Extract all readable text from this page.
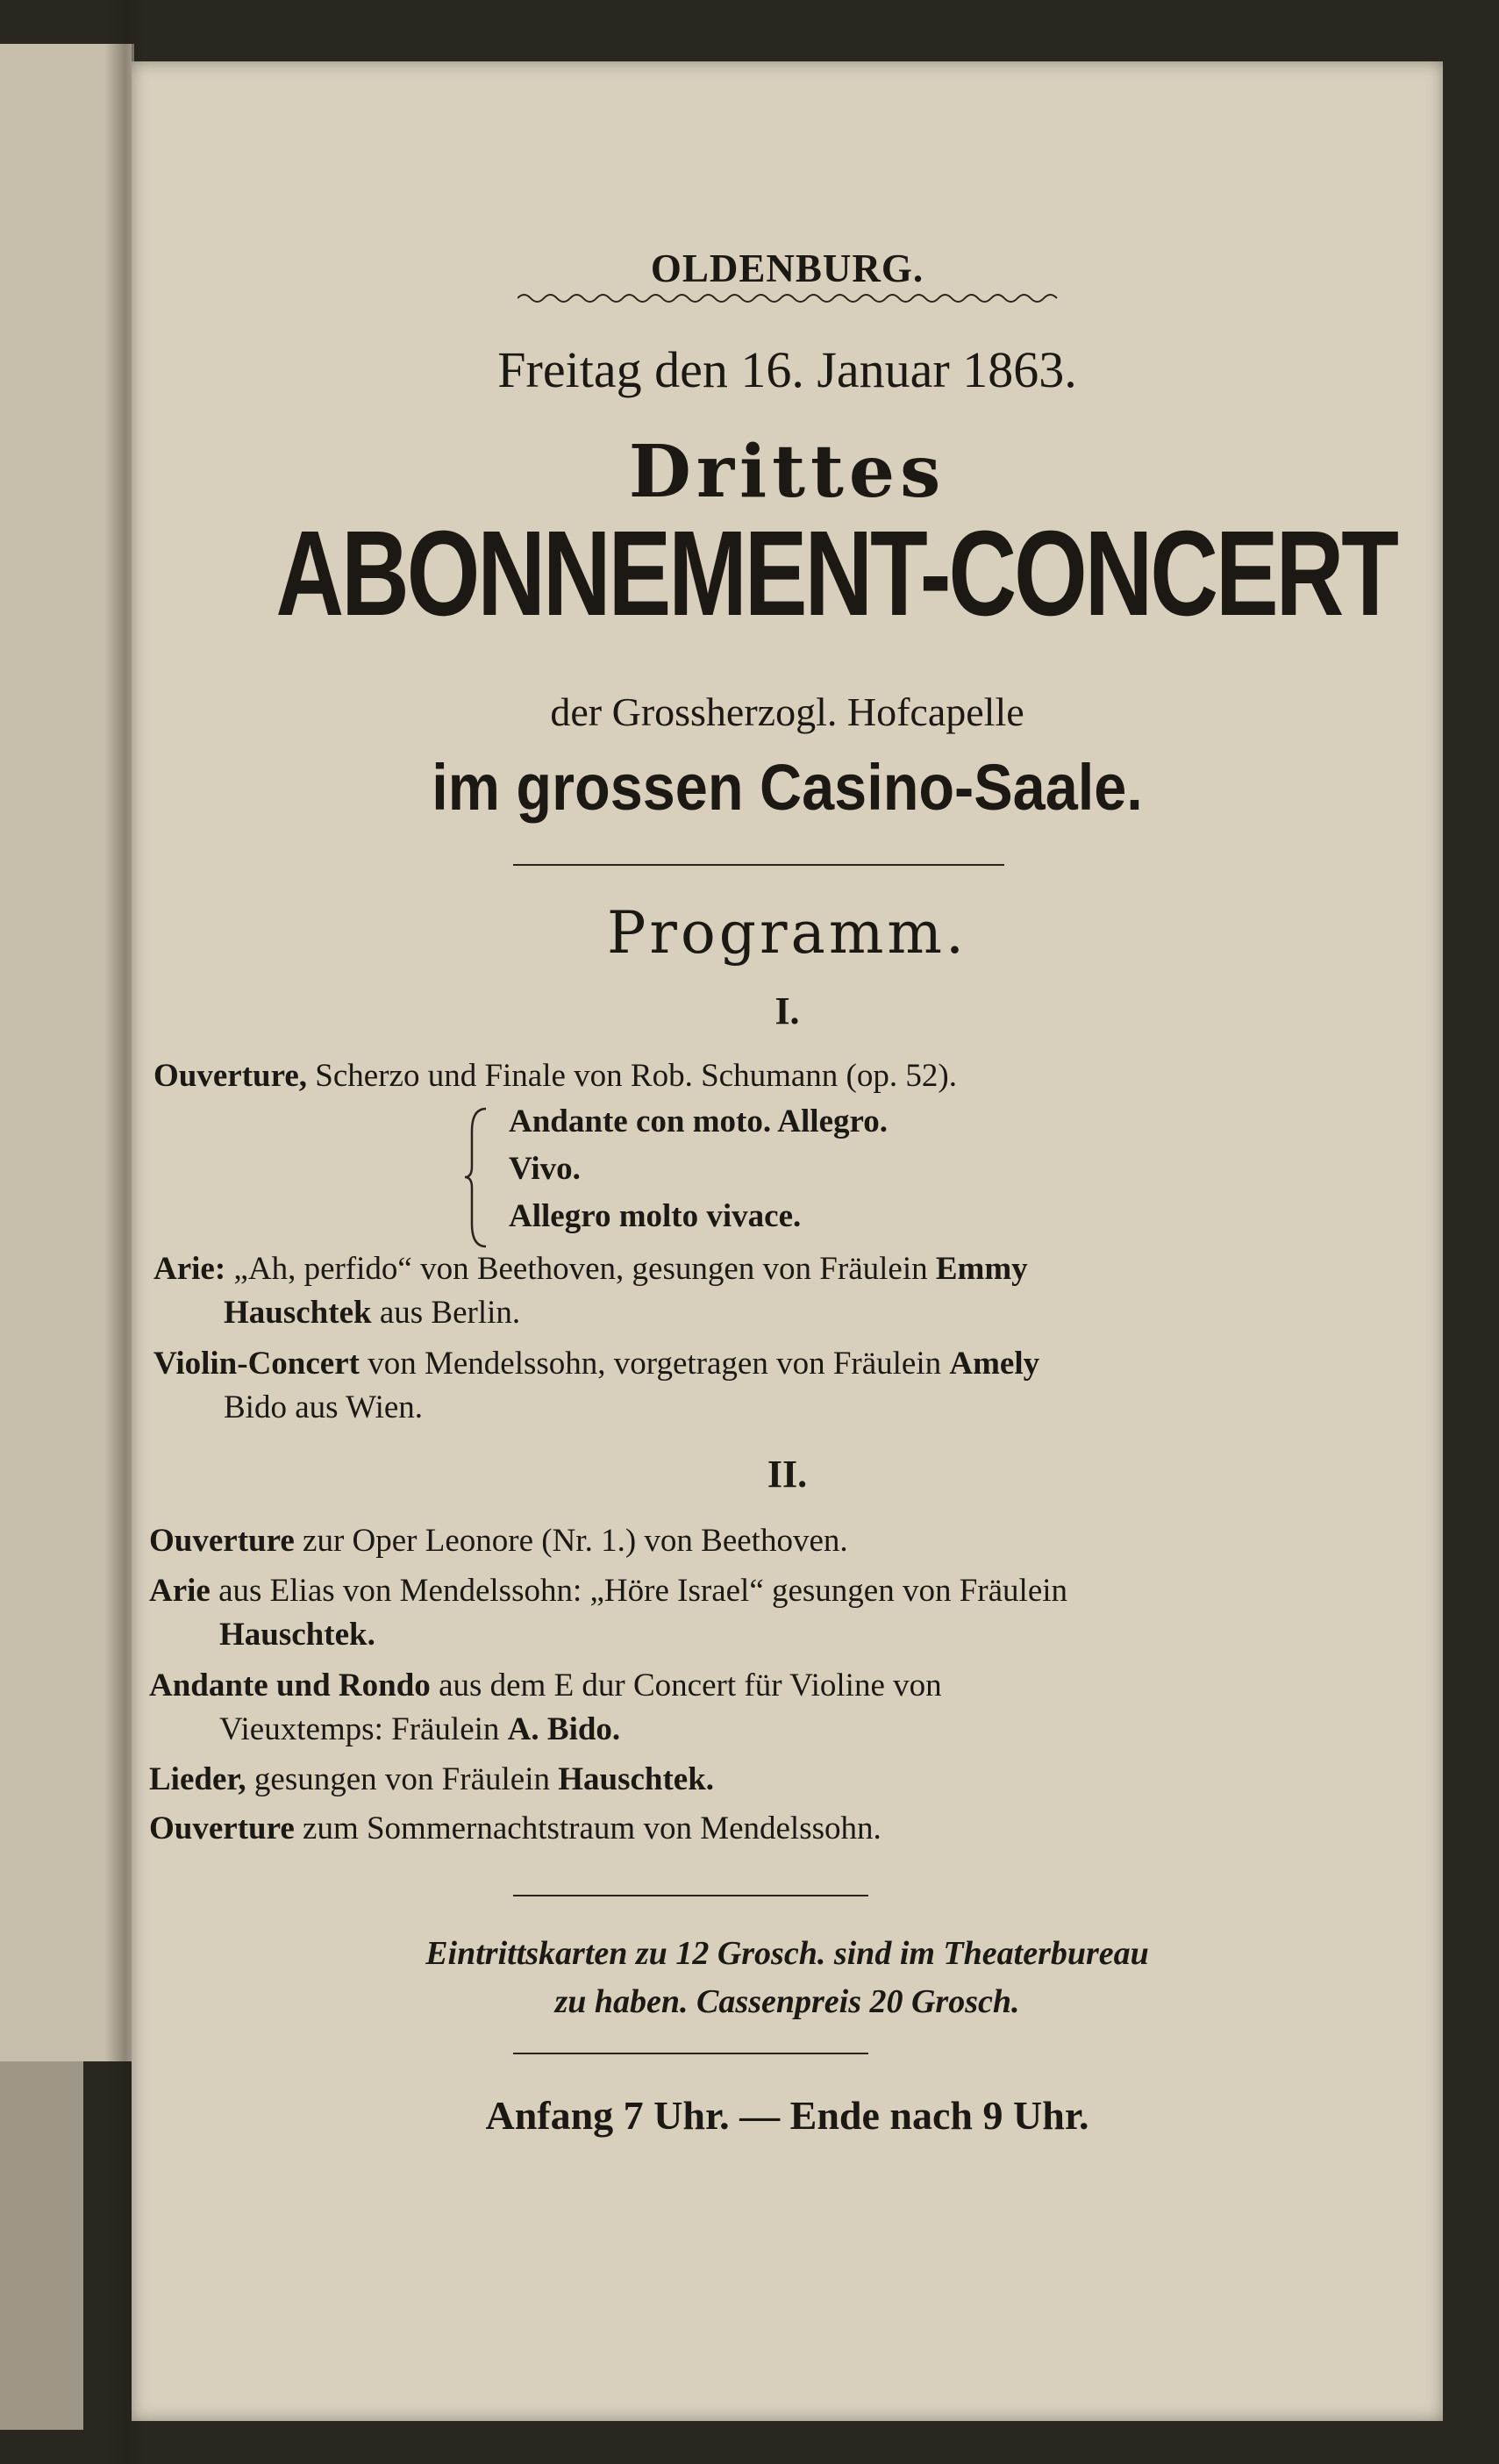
OLDENBURG.
Freitag den 16. Januar 1863.
Drittes
ABONNEMENT-CONCERT
der Grossherzogl. Hofcapelle
im grossen Casino-Saale.
Programm.
I.
Ouverture, Scherzo und Finale von Rob. Schumann (op. 52).
Andante con moto. Allegro.
Vivo.
Allegro molto vivace.
Arie: „Ah, perfido“ von Beethoven, gesungen von Fräulein Emmy
Hauschtek aus Berlin.
Violin-Concert von Mendelssohn, vorgetragen von Fräulein Amely
Bido aus Wien.
II.
Ouverture zur Oper Leonore (Nr. 1.) von Beethoven.
Arie aus Elias von Mendelssohn: „Höre Israel“ gesungen von Fräulein
Hauschtek.
Andante und Rondo aus dem E dur Concert für Violine von
Vieuxtemps: Fräulein A. Bido.
Lieder, gesungen von Fräulein Hauschtek.
Ouverture zum Sommernachtstraum von Mendelssohn.
Eintrittskarten zu 12 Grosch. sind im Theaterbureau
zu haben. Cassenpreis 20 Grosch.
Anfang 7 Uhr. — Ende nach 9 Uhr.
